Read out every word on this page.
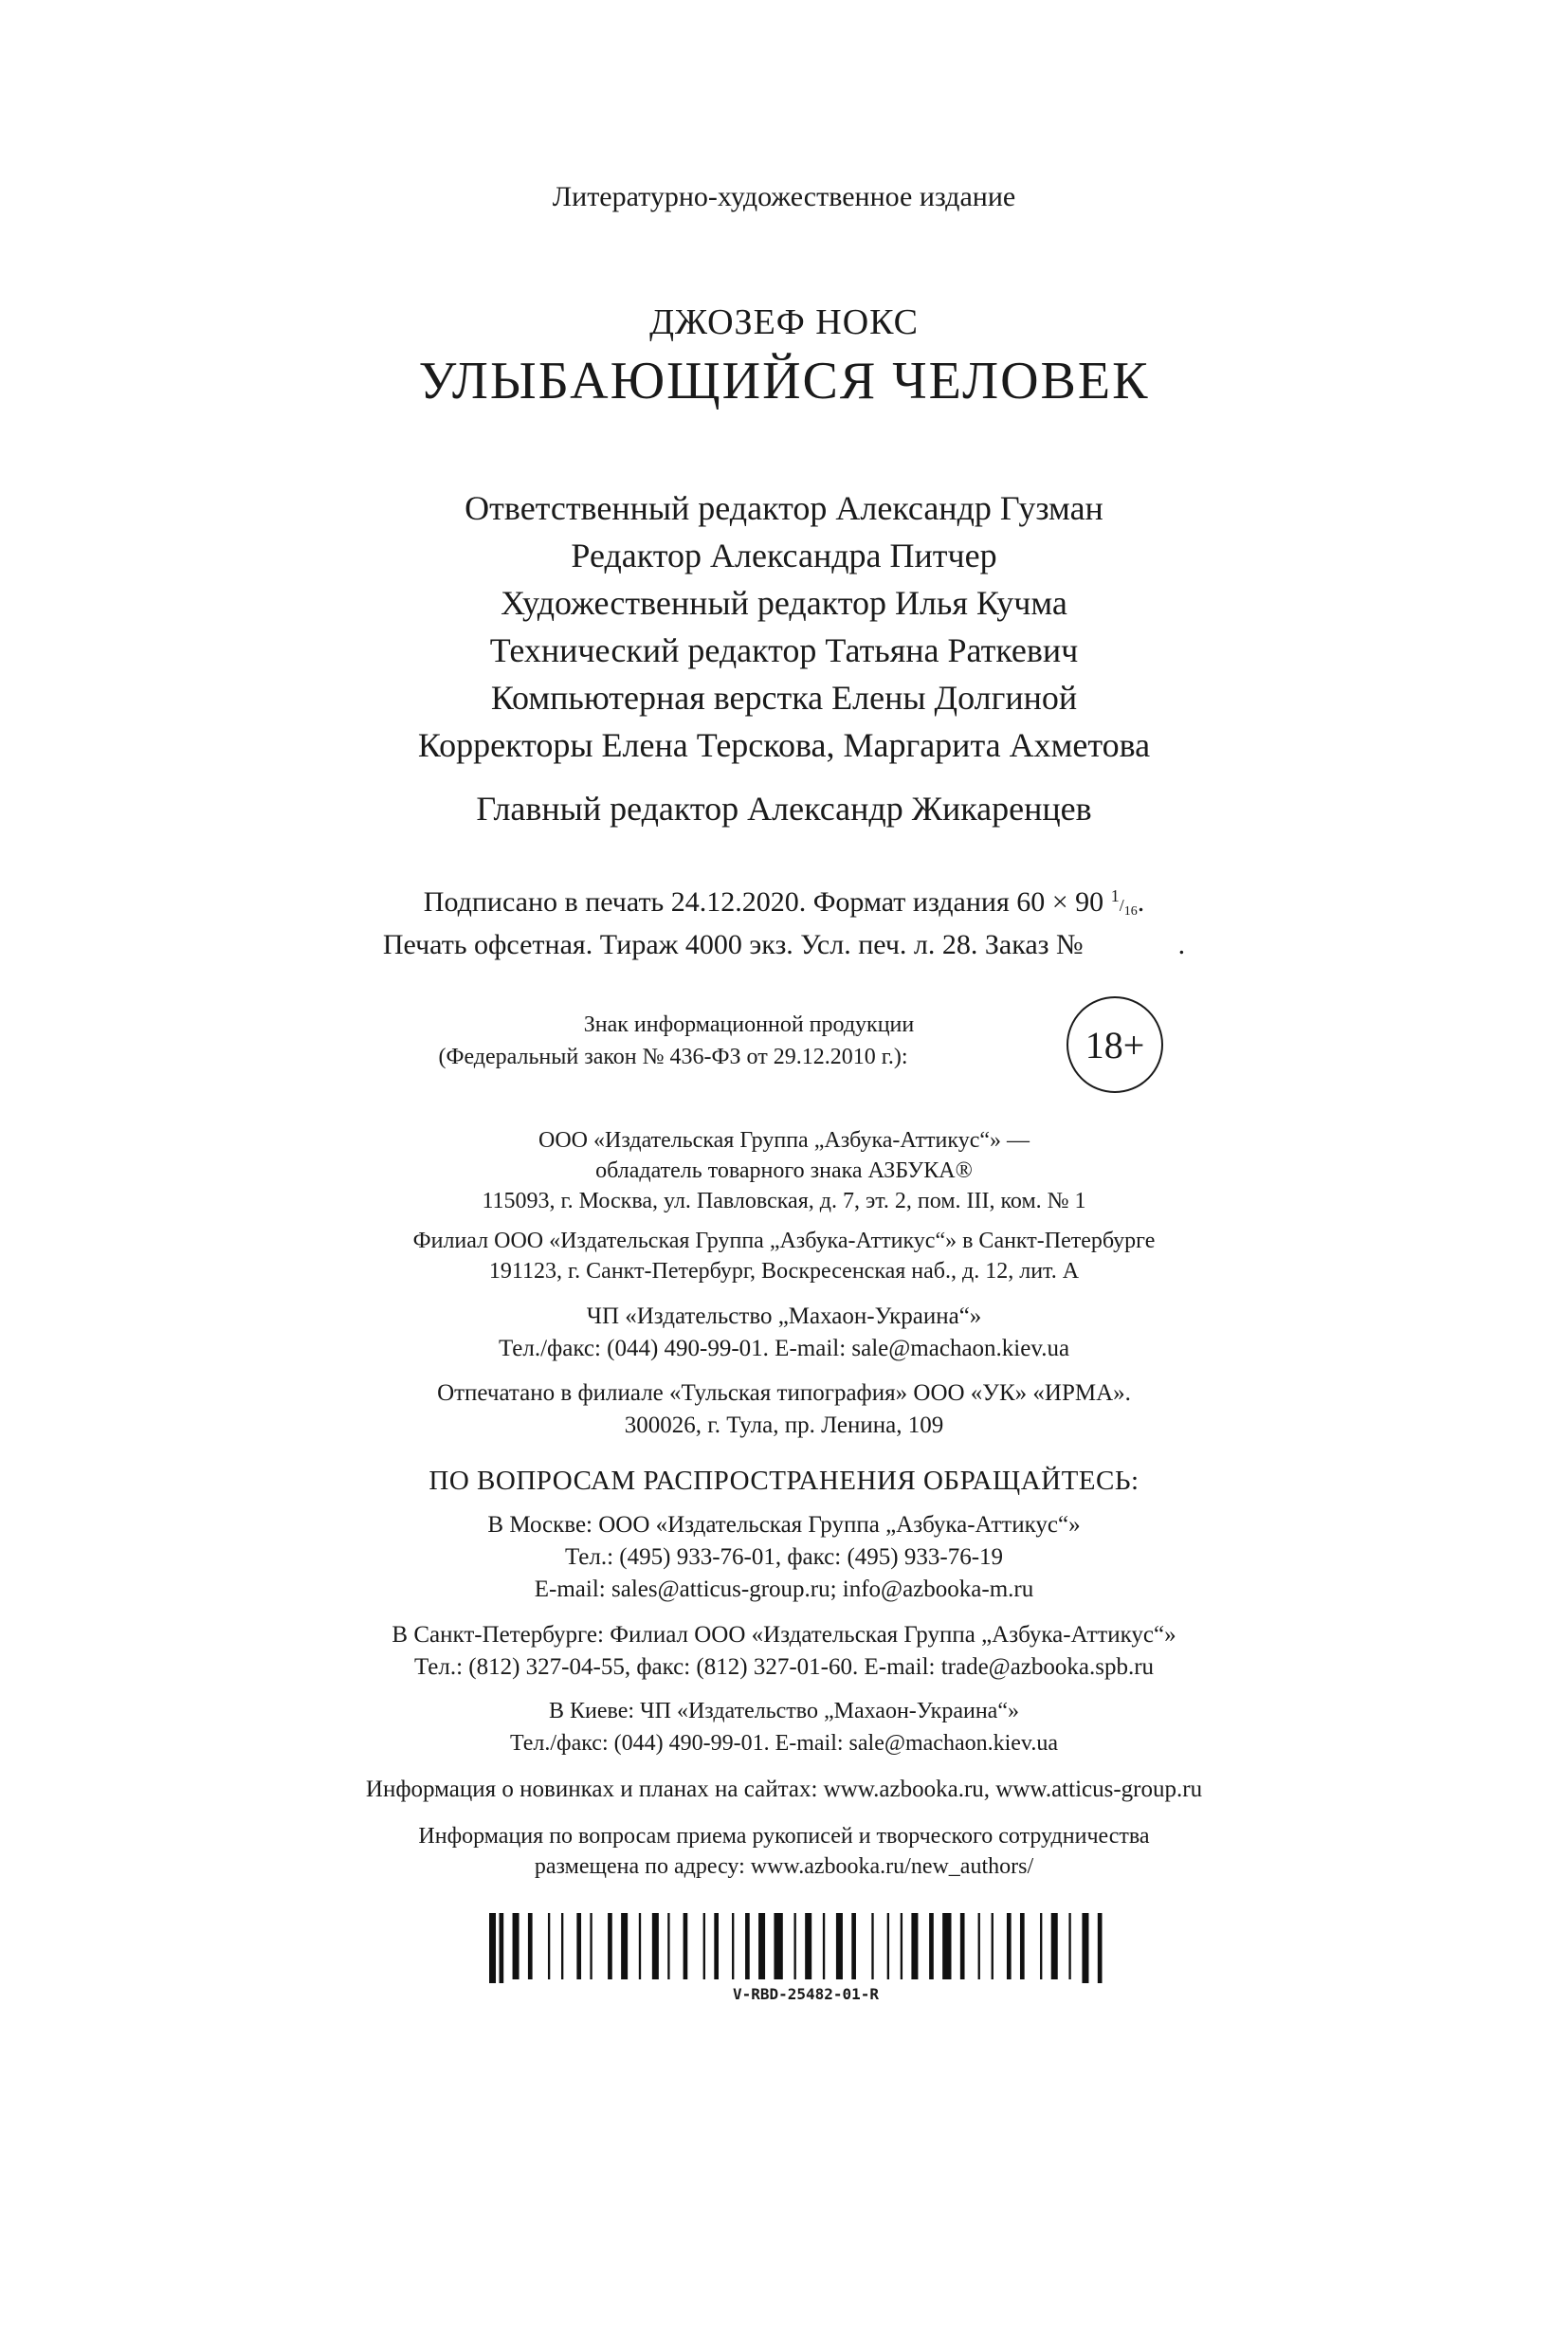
Литературно-художественное издание
ДЖОЗЕФ НОКС
УЛЫБАЮЩИЙСЯ ЧЕЛОВЕК
Ответственный редактор Александр Гузман
Редактор Александра Питчер
Художественный редактор Илья Кучма
Технический редактор Татьяна Раткевич
Компьютерная верстка Елены Долгиной
Корректоры Елена Терскова, Маргарита Ахметова
Главный редактор Александр Жикаренцев
Подписано в печать 24.12.2020. Формат издания 60 × 90 $^1/_{16}$.
Печать офсетная. Тираж 4000 экз. Усл. печ. л. 28. Заказ №	.
Знак информационной продукции
(Федеральный закон № 436-ФЗ от 29.12.2010 г.):	18+
ООО «Издательская Группа „Азбука-Аттикус“» —
обладатель товарного знака АЗБУКА®
115093, г. Москва, ул. Павловская, д. 7, эт. 2, пом. III, ком. № 1
Филиал ООО «Издательская Группа „Азбука-Аттикус“» в Санкт-Петербурге
191123, г. Санкт-Петербург, Воскресенская наб., д. 12, лит. А
ЧП «Издательство „Махаон-Украина“»
Тел./факс: (044) 490-99-01. E-mail: sale@machaon.kiev.ua
Отпечатано в филиале «Тульская типография» ООО «УК» «ИРМА».
300026, г. Тула, пр. Ленина, 109
ПО ВОПРОСАМ РАСПРОСТРАНЕНИЯ ОБРАЩАЙТЕСЬ:
В Москве: ООО «Издательская Группа „Азбука-Аттикус“»
Тел.: (495) 933-76-01, факс: (495) 933-76-19
E-mail: sales@atticus-group.ru; info@azbooka-m.ru
В Санкт-Петербурге: Филиал ООО «Издательская Группа „Азбука-Аттикус“»
Тел.: (812) 327-04-55, факс: (812) 327-01-60. E-mail: trade@azbooka.spb.ru
В Киеве: ЧП «Издательство „Махаон-Украина“»
Тел./факс: (044) 490-99-01. E-mail: sale@machaon.kiev.ua
Информация о новинках и планах на сайтах: www.azbooka.ru, www.atticus-group.ru
Информация по вопросам приема рукописей и творческого сотрудничества
размещена по адресу: www.azbooka.ru/new_authors/
V-RBD-25482-01-R
